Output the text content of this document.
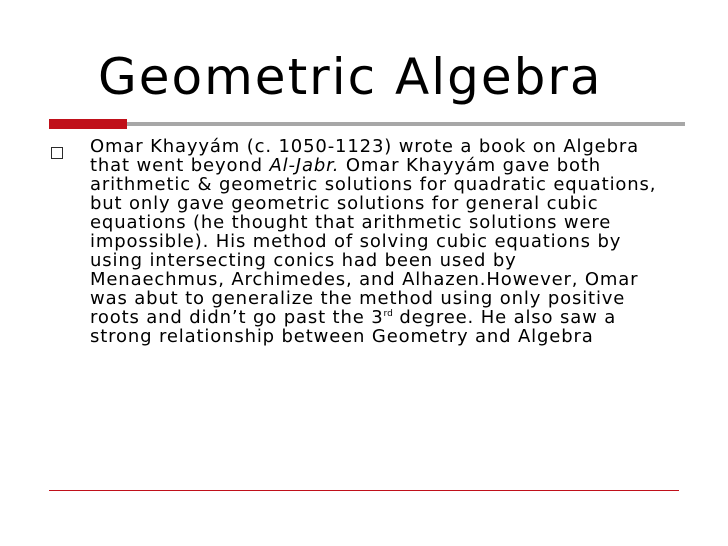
Geometric Algebra
Omar Khayyám (c. 1050-1123) wrote a book on Algebra
that went beyond Al-Jabr. Omar Khayyám gave both
arithmetic & geometric solutions for quadratic equations,
but only gave geometric solutions for general cubic
equations (he thought that arithmetic solutions were
impossible). His method of solving cubic equations by
using intersecting conics had been used by
Menaechmus, Archimedes, and Alhazen.However, Omar
was abut to generalize the method using only positive
roots and didn’t go past the 3rd degree. He also saw a
strong relationship between Geometry and Algebra
